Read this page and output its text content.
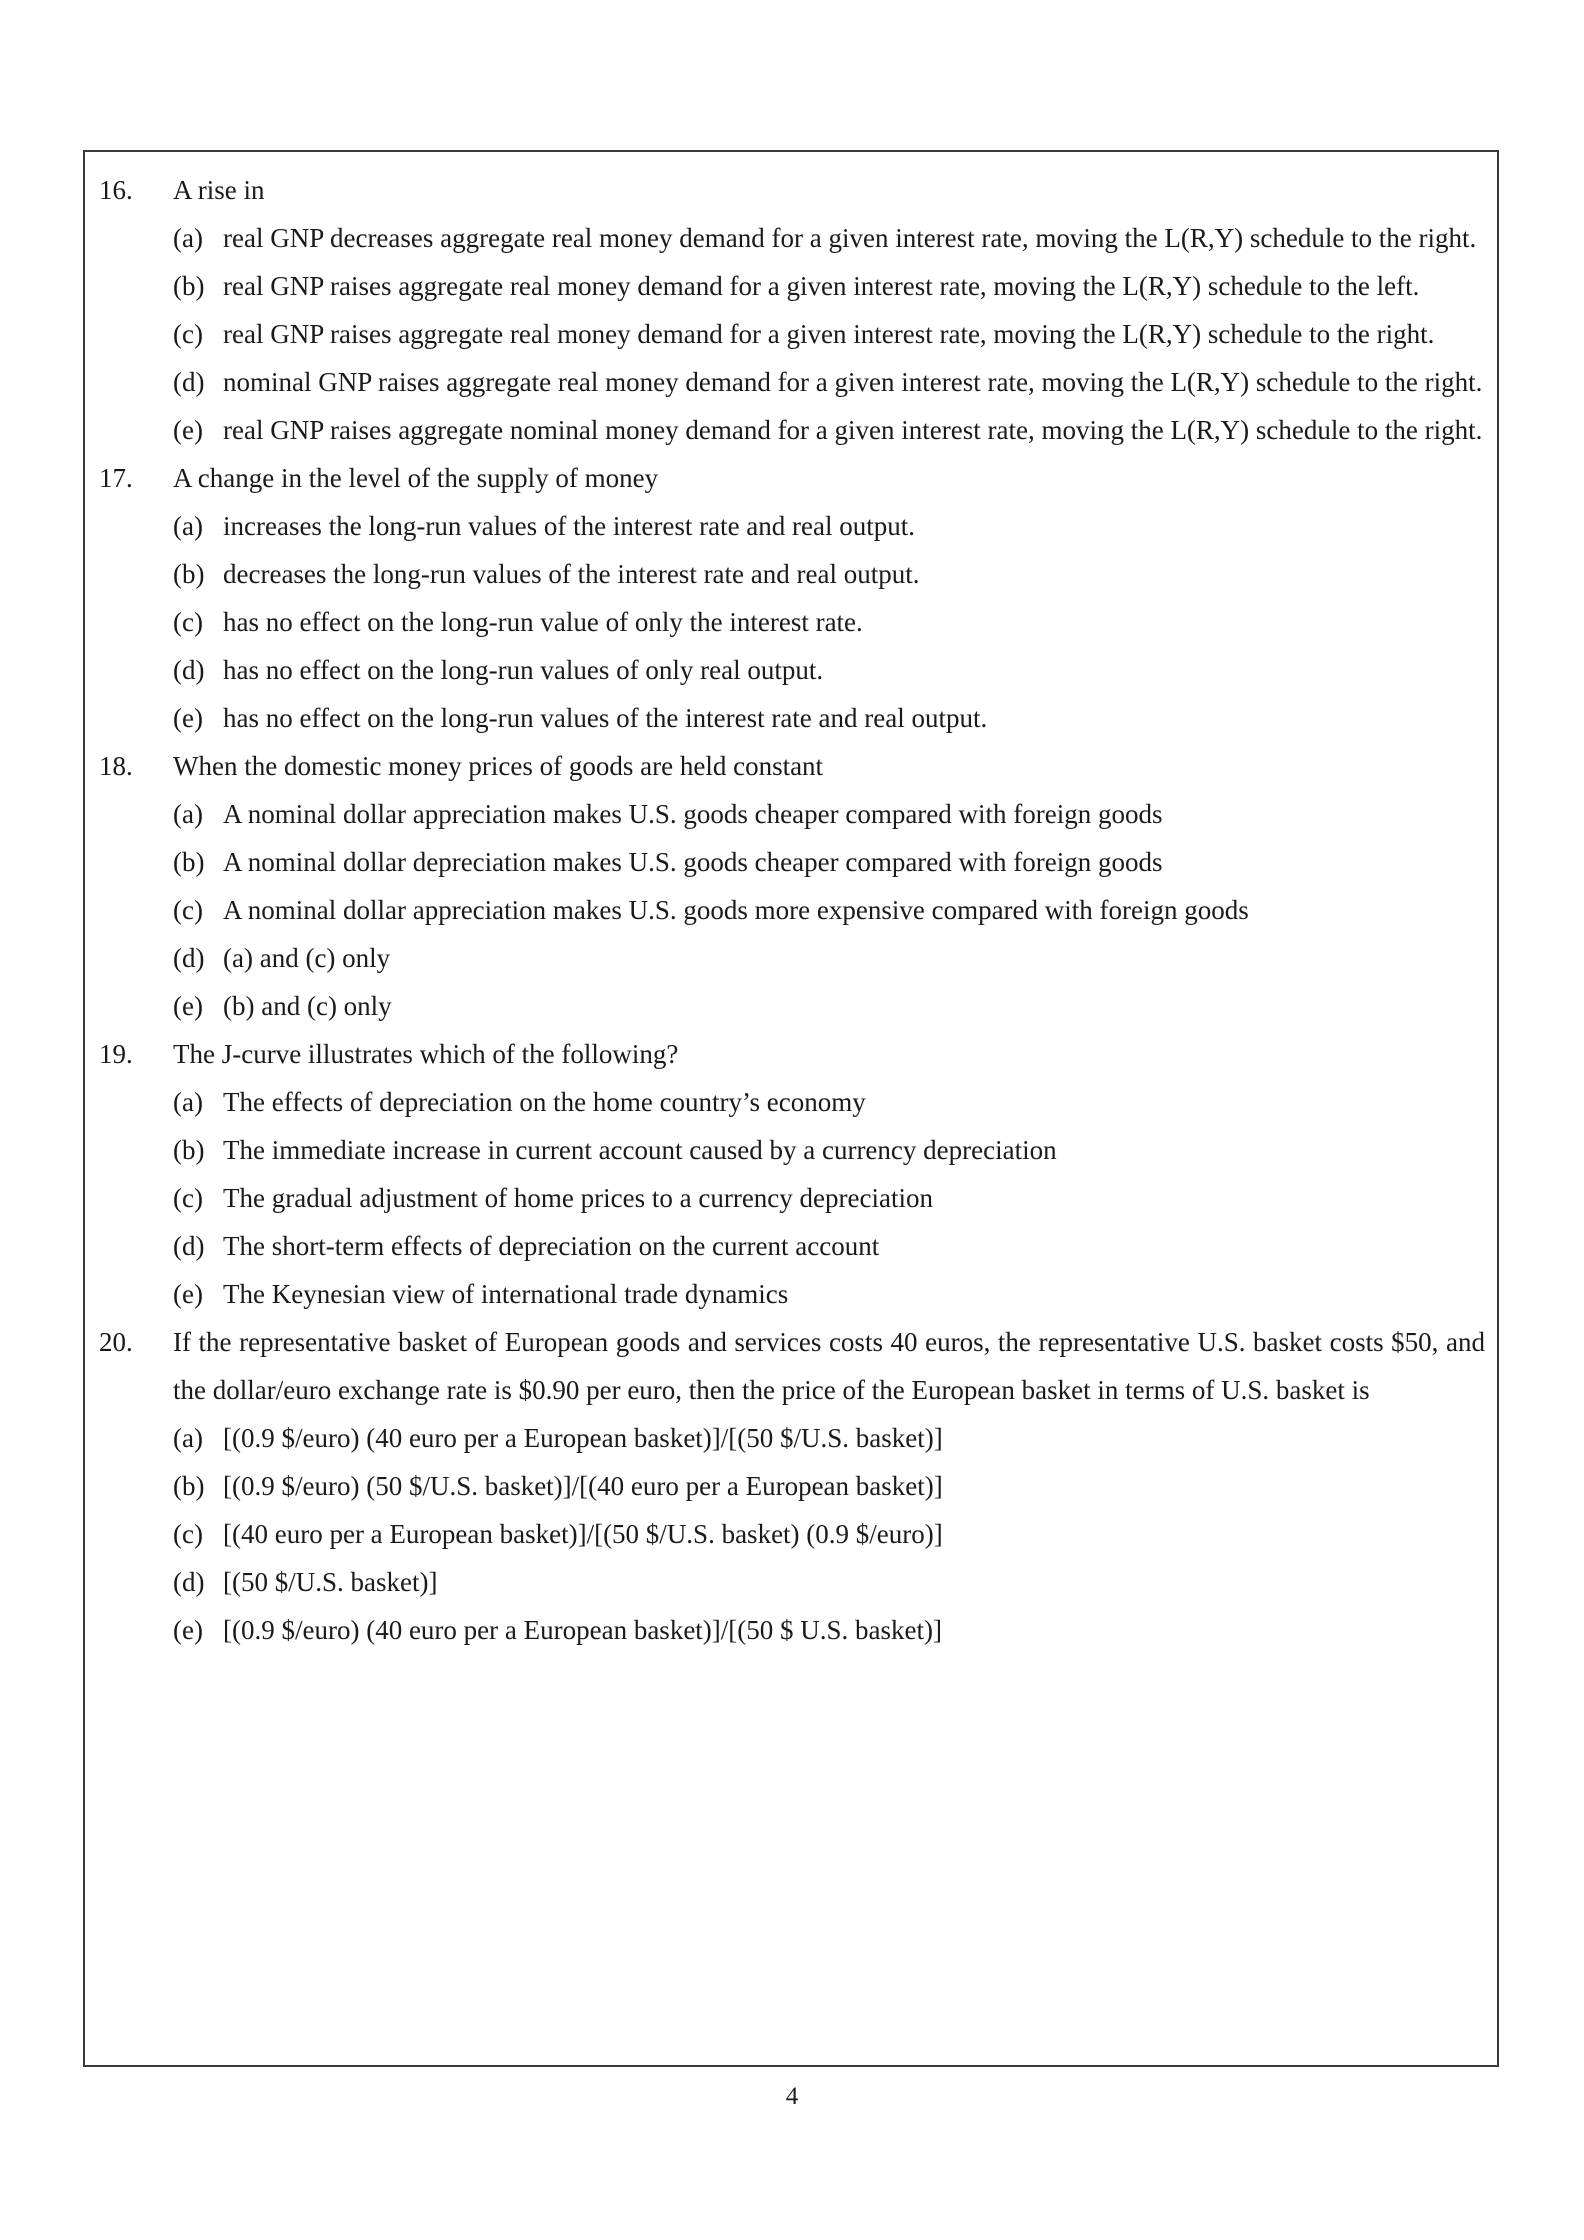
16.	A rise in
(a) real GNP decreases aggregate real money demand for a given interest rate, moving the L(R,Y) schedule to the right.
(b) real GNP raises aggregate real money demand for a given interest rate, moving the L(R,Y) schedule to the left.
(c) real GNP raises aggregate real money demand for a given interest rate, moving the L(R,Y) schedule to the right.
(d) nominal GNP raises aggregate real money demand for a given interest rate, moving the L(R,Y) schedule to the right.
(e) real GNP raises aggregate nominal money demand for a given interest rate, moving the L(R,Y) schedule to the right.
17.	A change in the level of the supply of money
(a) increases the long-run values of the interest rate and real output.
(b) decreases the long-run values of the interest rate and real output.
(c) has no effect on the long-run value of only the interest rate.
(d) has no effect on the long-run values of only real output.
(e) has no effect on the long-run values of the interest rate and real output.
18.	When the domestic money prices of goods are held constant
(a) A nominal dollar appreciation makes U.S. goods cheaper compared with foreign goods
(b) A nominal dollar depreciation makes U.S. goods cheaper compared with foreign goods
(c) A nominal dollar appreciation makes U.S. goods more expensive compared with foreign goods
(d) (a) and (c) only
(e) (b) and (c) only
19.	The J-curve illustrates which of the following?
(a) The effects of depreciation on the home country’s economy
(b) The immediate increase in current account caused by a currency depreciation
(c) The gradual adjustment of home prices to a currency depreciation
(d) The short-term effects of depreciation on the current account
(e) The Keynesian view of international trade dynamics
20.	If the representative basket of European goods and services costs 40 euros, the representative U.S. basket costs $50, and the dollar/euro exchange rate is $0.90 per euro, then the price of the European basket in terms of U.S. basket is
(a) [(0.9 $/euro) (40 euro per a European basket)]/[(50 $/U.S. basket)]
(b) [(0.9 $/euro) (50 $/U.S. basket)]/[(40 euro per a European basket)]
(c) [(40 euro per a European basket)]/[(50 $/U.S. basket) (0.9 $/euro)]
(d) [(50 $/U.S. basket)]
(e) [(0.9 $/euro) (40 euro per a European basket)]/[(50 $ U.S. basket)]
4
